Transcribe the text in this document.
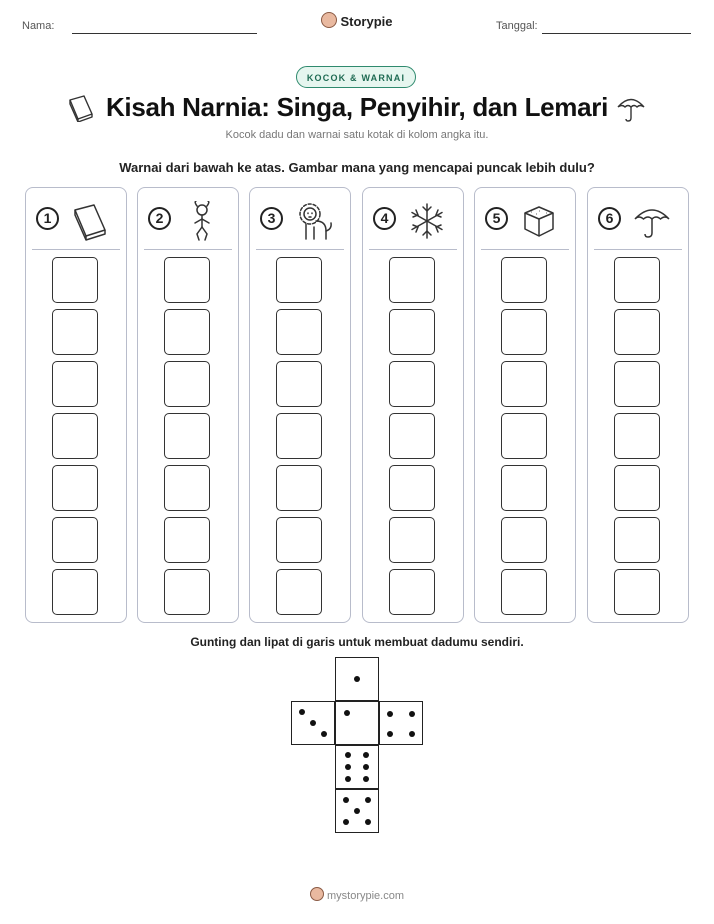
Nama:	Storypie	Tanggal:
KOCOK & WARNAI
Kisah Narnia: Singa, Penyihir, dan Lemari
Kocok dadu dan warnai satu kotak di kolom angka itu.
Warnai dari bawah ke atas. Gambar mana yang mencapai puncak lebih dulu?
1	2	3	4	5	6
Gunting dan lipat di garis untuk membuat dadumu sendiri.
mystorypie.com
